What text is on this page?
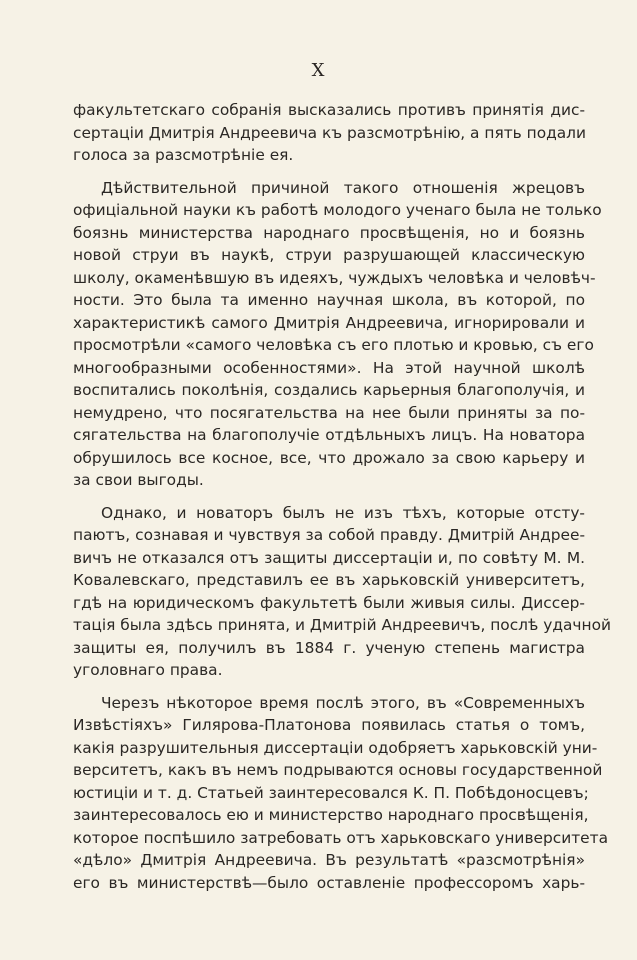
X
факультетскаго собранія высказались противъ принятія дис-
сертаціи Дмитрія Андреевича къ разсмотрѣнію, а пять подали
голоса за разсмотрѣніе ея.
Дѣйствительной причиной такого отношенія жрецовъ
офиціальной науки къ работѣ молодого ученаго была не только
боязнь министерства народнаго просвѣщенія, но и боязнь
новой струи въ наукѣ, струи разрушающей классическую
школу, окаменѣвшую въ идеяхъ, чуждыхъ человѣка и человѣч-
ности. Это была та именно научная школа, въ которой, по
характеристикѣ самого Дмитрія Андреевича, игнорировали и
просмотрѣли «самого человѣка съ его плотью и кровью, съ его
многообразными особенностями». На этой научной школѣ
воспитались поколѣнія, создались карьерныя благополучія, и
немудрено, что посягательства на нее были приняты за по-
сягательства на благополучіе отдѣльныхъ лицъ. На новатора
обрушилось все косное, все, что дрожало за свою карьеру и
за свои выгоды.
Однако, и новаторъ былъ не изъ тѣхъ, которые отсту-
паютъ, сознавая и чувствуя за собой правду. Дмитрій Андрее-
вичъ не отказался отъ защиты диссертаціи и, по совѣту М. М.
Ковалевскаго, представилъ ее въ харьковскій университетъ,
гдѣ на юридическомъ факультетѣ были живыя силы. Диссер-
тація была здѣсь принята, и Дмитрій Андреевичъ, послѣ удачной
защиты ея, получилъ въ 1884 г. ученую степень магистра
уголовнаго права.
Черезъ нѣкоторое время послѣ этого, въ «Современныхъ
Извѣстіяхъ» Гилярова-Платонова появилась статья о томъ,
какія разрушительныя диссертаціи одобряетъ харьковскій уни-
верситетъ, какъ въ немъ подрываются основы государственной
юстиціи и т. д. Статьей заинтересовался К. П. Побѣдоносцевъ;
заинтересовалось ею и министерство народнаго просвѣщенія,
которое поспѣшило затребовать отъ харьковскаго университета
«дѣло» Дмитрія Андреевича. Въ результатѣ «разсмотрѣнія»
его въ министерствѣ—было оставленіе профессоромъ харь-
